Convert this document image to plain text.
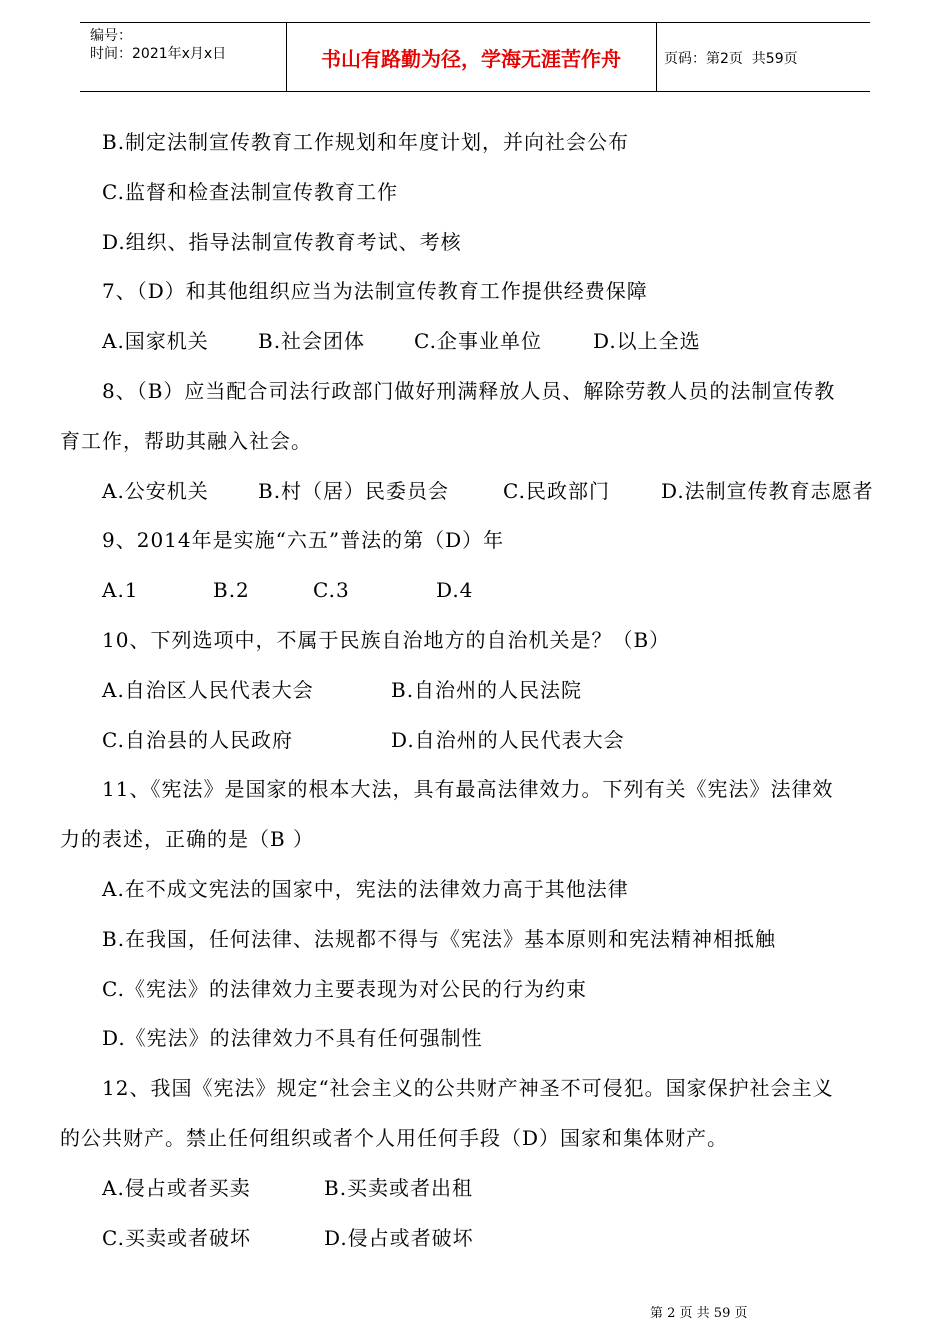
编号：
时间：2021年x月x日	书山有路勤为径，学海无涯苦作舟	页码：第2页  共59页
B.制定法制宣传教育工作规划和年度计划，并向社会公布
C.监督和检查法制宣传教育工作
D.组织、指导法制宣传教育考试、考核
7、（D）和其他组织应当为法制宣传教育工作提供经费保障
A.国家机关 B.社会团体 C.企事业单位	D.以上全选
8、（B）应当配合司法行政部门做好刑满释放人员、解除劳教人员的法制宣传教
育工作，帮助其融入社会。
A.公安机关 B.村（居）民委员会	C.民政部门	D.法制宣传教育志愿者
9、2014年是实施“六五”普法的第（D）年
A.1	B.2	C.3	D.4
10、下列选项中，不属于民族自治地方的自治机关是？（B）
A.自治区人民代表大会	B.自治州的人民法院
C.自治县的人民政府	D.自治州的人民代表大会
11、《宪法》是国家的根本大法，具有最高法律效力。下列有关《宪法》法律效
力的表述，正确的是（B ）
A.在不成文宪法的国家中，宪法的法律效力高于其他法律
B.在我国，任何法律、法规都不得与《宪法》基本原则和宪法精神相抵触
C.《宪法》的法律效力主要表现为对公民的行为约束
D.《宪法》的法律效力不具有任何强制性
12、我国《宪法》规定“社会主义的公共财产神圣不可侵犯。国家保护社会主义
的公共财产。禁止任何组织或者个人用任何手段（D）国家和集体财产。
A.侵占或者买卖	B.买卖或者出租
C.买卖或者破坏	D.侵占或者破坏
第 2 页 共 59 页
